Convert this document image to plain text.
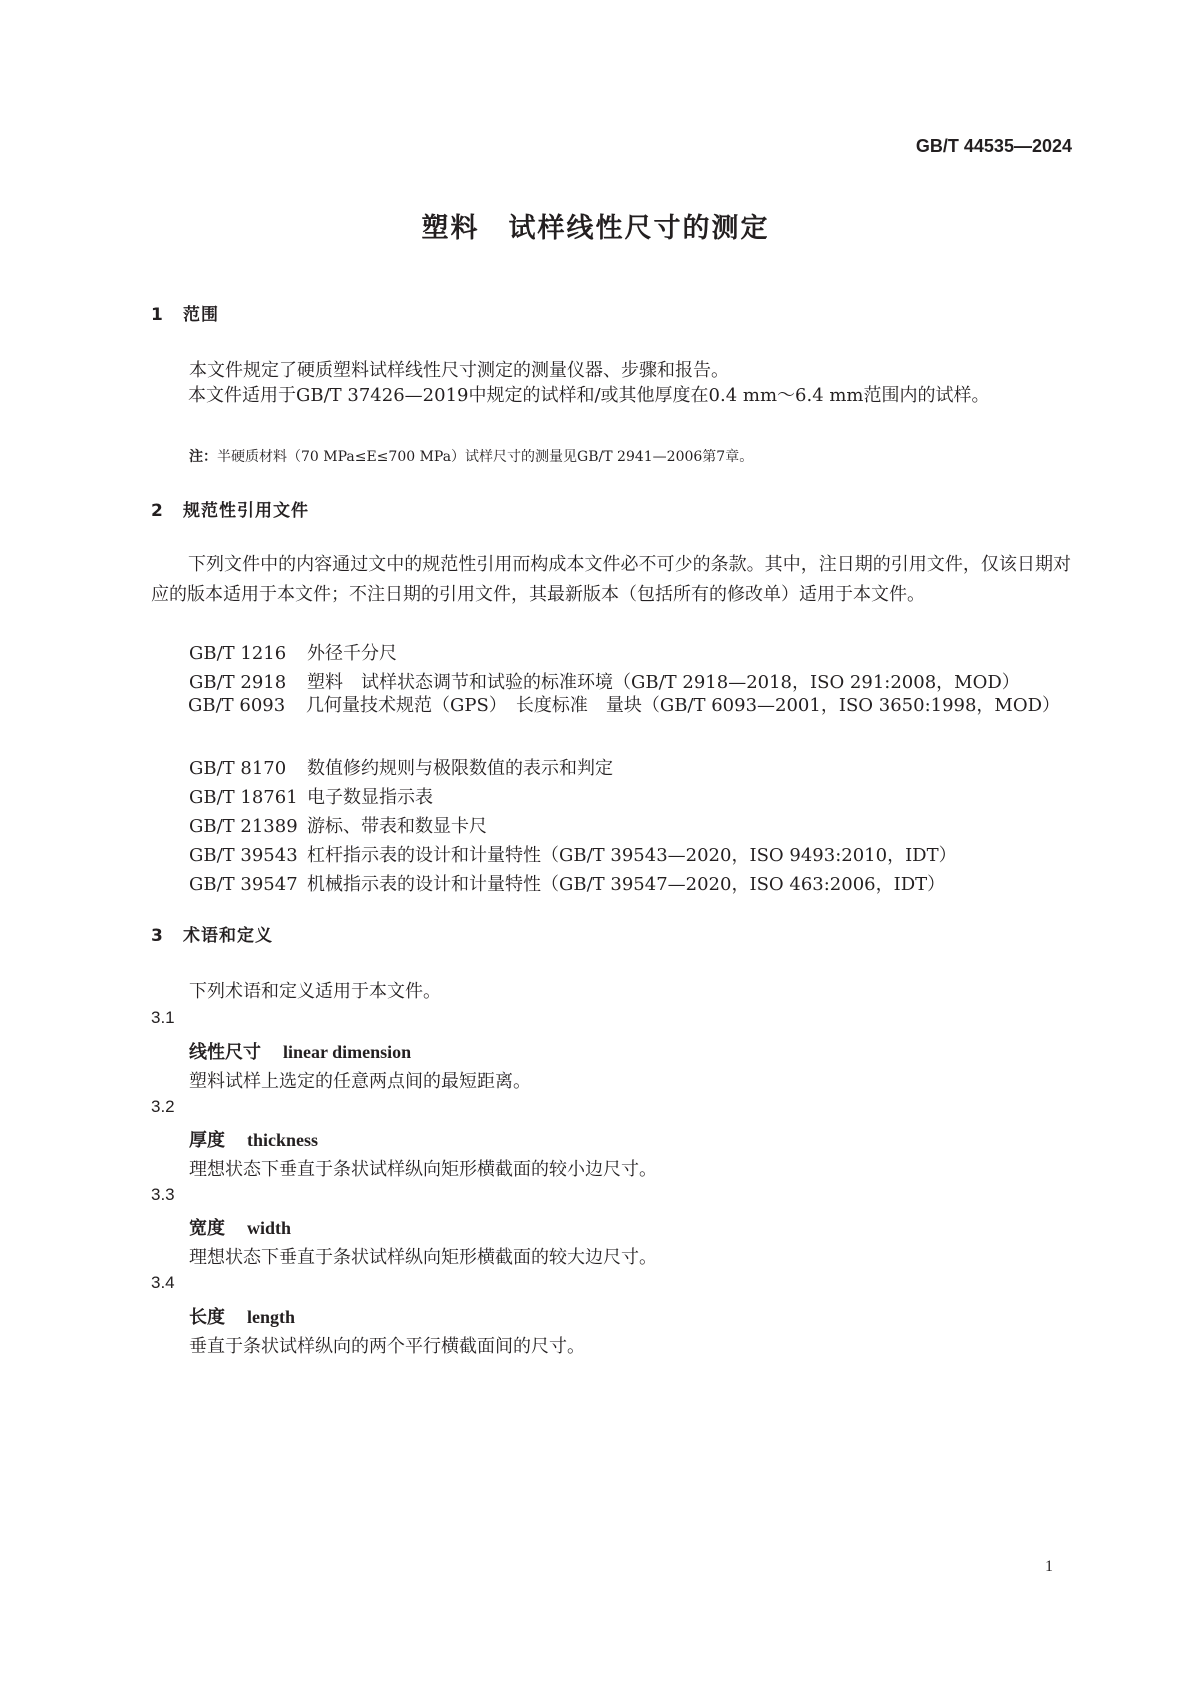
GB/T 44535—2024
塑料　试样线性尺寸的测定
1 范围
本文件规定了硬质塑料试样线性尺寸测定的测量仪器、步骤和报告。
本文件适用于GB/T 37426—2019中规定的试样和/或其他厚度在0.4 mm～6.4 mm范围内的试样。
注：半硬质材料（70 MPa≤E≤700 MPa）试样尺寸的测量见GB/T 2941—2006第7章。
2 规范性引用文件
下列文件中的内容通过文中的规范性引用而构成本文件必不可少的条款。其中，注日期的引用文件，仅该日期对应的版本适用于本文件；不注日期的引用文件，其最新版本（包括所有的修改单）适用于本文件。
GB/T 1216 外径千分尺
GB/T 2918 塑料　试样状态调节和试验的标准环境（GB/T 2918—2018，ISO 291:2008，MOD）
GB/T 6093 几何量技术规范（GPS）　长度标准　量块（GB/T 6093—2001，ISO 3650:1998，MOD）
GB/T 8170 数值修约规则与极限数值的表示和判定
GB/T 18761 电子数显指示表
GB/T 21389 游标、带表和数显卡尺
GB/T 39543 杠杆指示表的设计和计量特性（GB/T 39543—2020，ISO 9493:2010，IDT）
GB/T 39547 机械指示表的设计和计量特性（GB/T 39547—2020，ISO 463:2006，IDT）
3 术语和定义
下列术语和定义适用于本文件。
3.1
线性尺寸 linear dimension
塑料试样上选定的任意两点间的最短距离。
3.2
厚度 thickness
理想状态下垂直于条状试样纵向矩形横截面的较小边尺寸。
3.3
宽度 width
理想状态下垂直于条状试样纵向矩形横截面的较大边尺寸。
3.4
长度 length
垂直于条状试样纵向的两个平行横截面间的尺寸。
1
